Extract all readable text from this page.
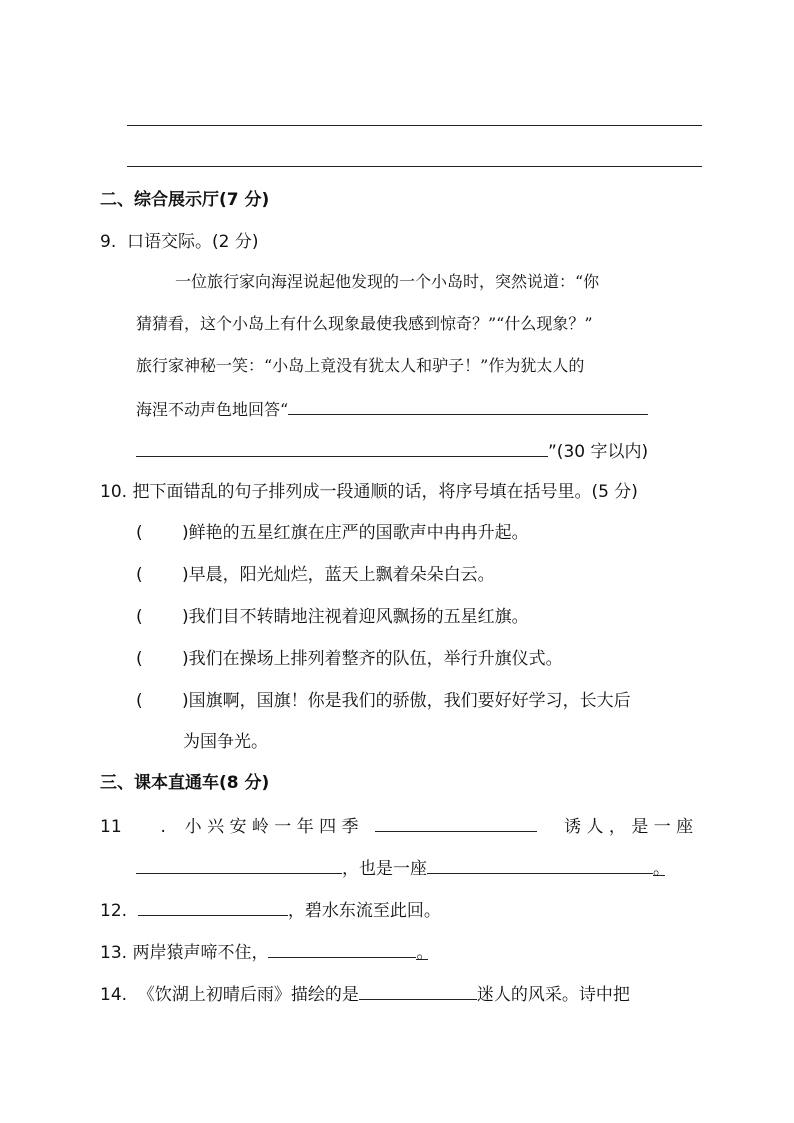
二、综合展示厅(7 分)
9. 口语交际。(2 分)
一位旅行家向海涅说起他发现的一个小岛时，突然说道：“你
猜猜看，这个小岛上有什么现象最使我感到惊奇？”“什么现象？”
旅行家神秘一笑：“小岛上竟没有犹太人和驴子！”作为犹太人的
海涅不动声色地回答“
”(30 字以内)
10. 把下面错乱的句子排列成一段通顺的话，将序号填在括号里。(5 分)
( )鲜艳的五星红旗在庄严的国歌声中冉冉升起。
( )早晨，阳光灿烂，蓝天上飘着朵朵白云。
( )我们目不转睛地注视着迎风飘扬的五星红旗。
( )我们在操场上排列着整齐的队伍，举行升旗仪式。
( )国旗啊，国旗！你是我们的骄傲，我们要好好学习，长大后
为国争光。
三、课本直通车(8 分)
11 . 小 兴 安 岭 一 年 四 季	诱 人 ， 是 一 座
，也是一座	。
12.	，碧水东流至此回。
13. 两岸猿声啼不住，	。
14. 《饮湖上初晴后雨》描绘的是	迷人的风采。诗中把
